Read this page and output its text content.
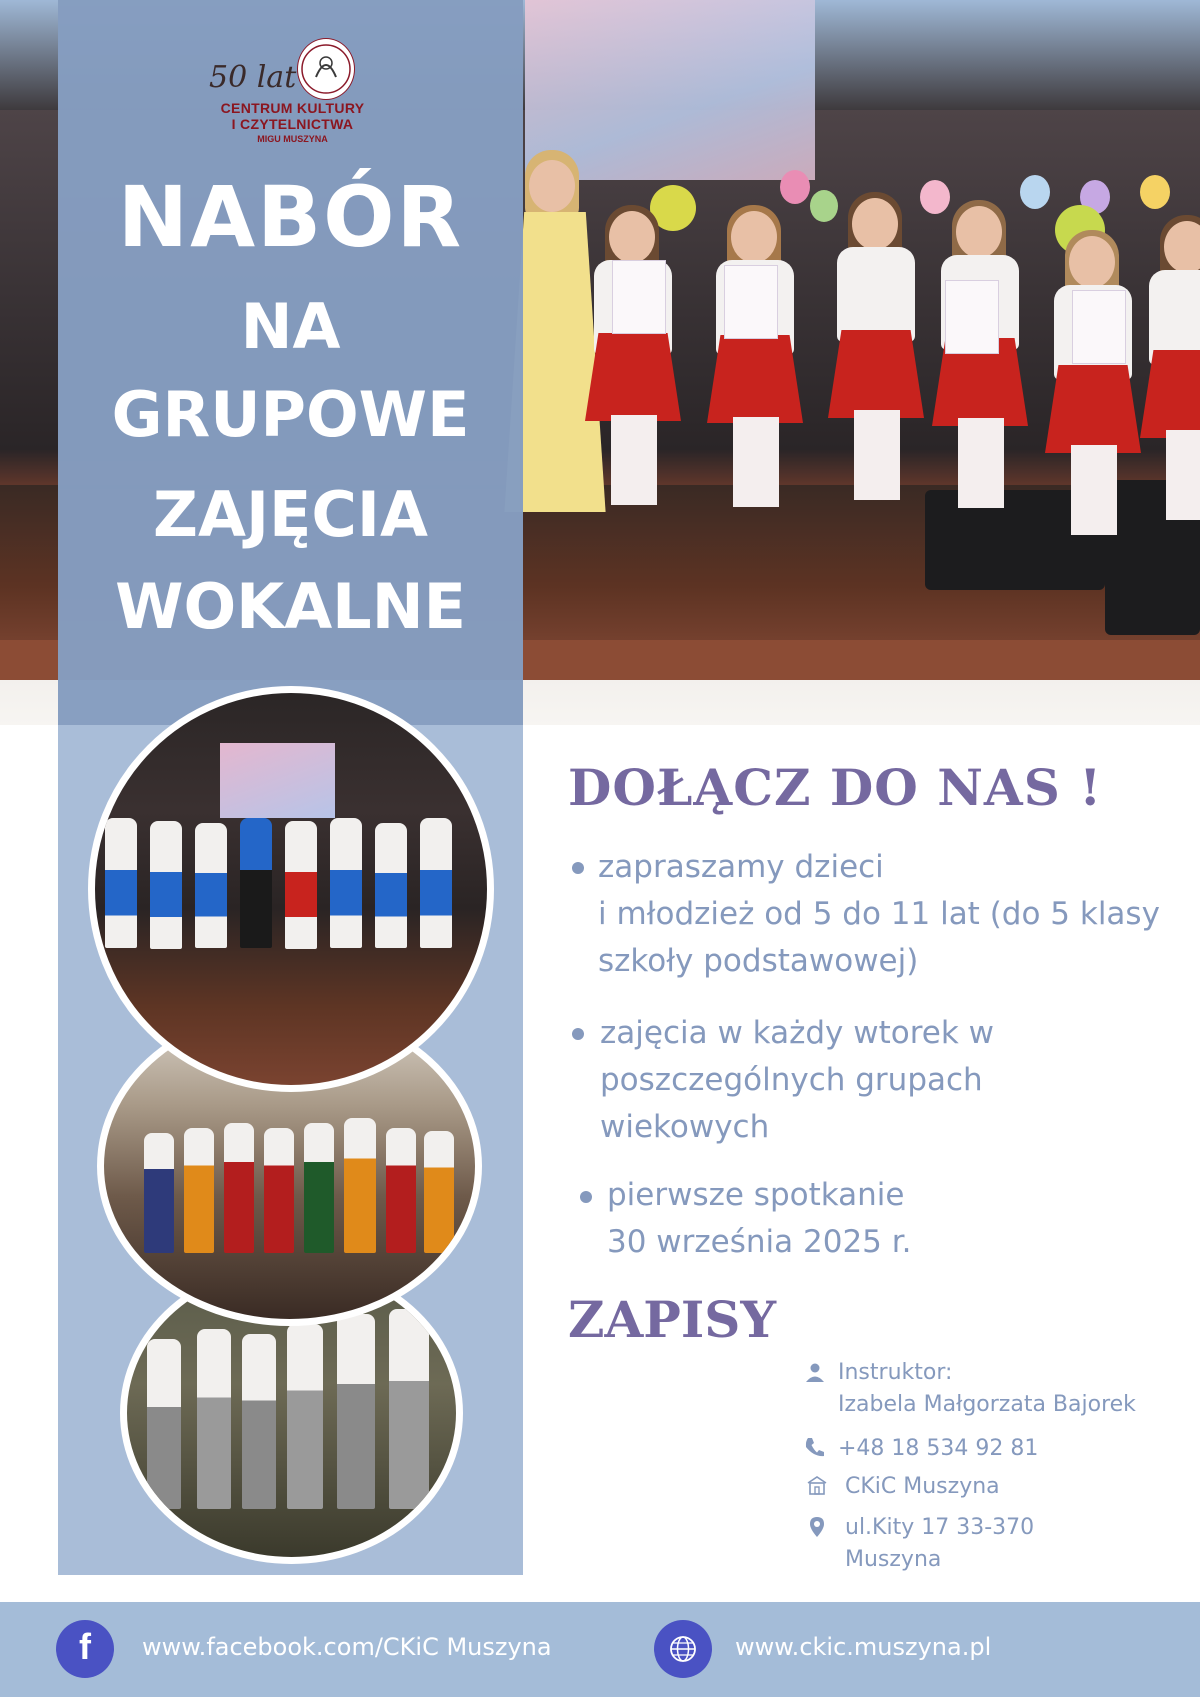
50 lat
CENTRUM KULTURY
I CZYTELNICTWA
MIGU MUSZYNA
NABÓR
NA
GRUPOWE
ZAJĘCIA
WOKALNE
DOŁĄCZ DO NAS !
zapraszamy dzieci
i młodzież od 5 do 11 lat (do 5 klasy
szkoły podstawowej)
zajęcia w każdy wtorek w
poszczególnych grupach
wiekowych
pierwsze spotkanie
30 września 2025 r.
ZAPISY
Instruktor:
Izabela Małgorzata Bajorek
+48 18 534 92 81
CKiC Muszyna
ul.Kity 17 33-370
Muszyna
f	www.facebook.com/CKiC Muszyna	www.ckic.muszyna.pl
